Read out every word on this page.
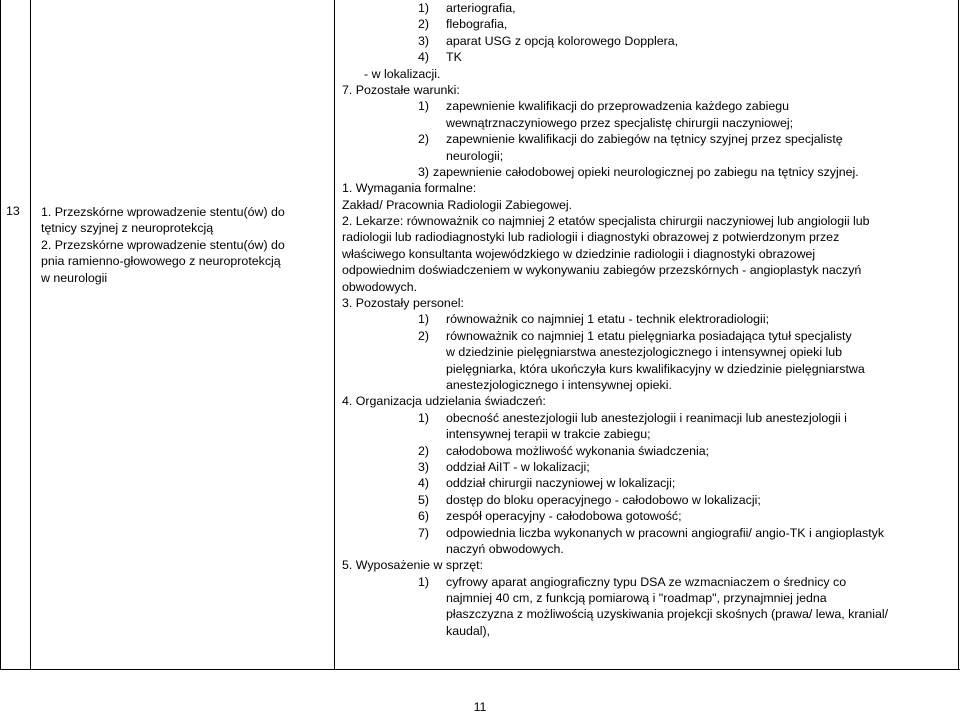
13 1. Przezskórne wprowadzenie stentu(ów) do
tętnicy szyjnej z neuroprotekcją
2. Przezskórne wprowadzenie stentu(ów) do
pnia ramienno-głowowego z neuroprotekcją
w neurologii
1) arteriografia,
2) flebografia,
3) aparat USG z opcją kolorowego Dopplera,
4) TK
- w lokalizacji.
7. Pozostałe warunki:
1) zapewnienie kwalifikacji do przeprowadzenia każdego zabiegu
wewnątrznaczyniowego przez specjalistę chirurgii naczyniowej;
2) zapewnienie kwalifikacji do zabiegów na tętnicy szyjnej przez specjalistę
neurologii;
3) zapewnienie całodobowej opieki neurologicznej po zabiegu na tętnicy szyjnej.
1. Wymagania formalne:
Zakład/ Pracownia Radiologii Zabiegowej.
2. Lekarze: równoważnik co najmniej 2 etatów specjalista chirurgii naczyniowej lub angiologii lub
radiologii lub radiodiagnostyki lub radiologii i diagnostyki obrazowej z potwierdzonym przez
właściwego konsultanta wojewódzkiego w dziedzinie radiologii i diagnostyki obrazowej
odpowiednim doświadczeniem w wykonywaniu zabiegów przezskórnych - angioplastyk naczyń
obwodowych.
3. Pozostały personel:
1) równoważnik co najmniej 1 etatu - technik elektroradiologii;
2) równoważnik co najmniej 1 etatu pielęgniarka posiadająca tytuł specjalisty
w dziedzinie pielęgniarstwa anestezjologicznego i intensywnej opieki lub
pielęgniarka, która ukończyła kurs kwalifikacyjny w dziedzinie pielęgniarstwa
anestezjologicznego i intensywnej opieki.
4. Organizacja udzielania świadczeń:
1) obecność anestezjologii lub anestezjologii i reanimacji lub anestezjologii i
intensywnej terapii w trakcie zabiegu;
2) całodobowa możliwość wykonania świadczenia;
3) oddział AiIT - w lokalizacji;
4) oddział chirurgii naczyniowej w lokalizacji;
5) dostęp do bloku operacyjnego - całodobowo w lokalizacji;
6) zespół operacyjny - całodobowa gotowość;
7) odpowiednia liczba wykonanych w pracowni angiografii/ angio-TK i angioplastyk
naczyń obwodowych.
5. Wyposażenie w sprzęt:
1) cyfrowy aparat angiograficzny typu DSA ze wzmacniaczem o średnicy co
najmniej 40 cm, z funkcją pomiarową i "roadmap", przynajmniej jedna
płaszczyzna z możliwością uzyskiwania projekcji skośnych (prawa/ lewa, kranial/
kaudal),
11
